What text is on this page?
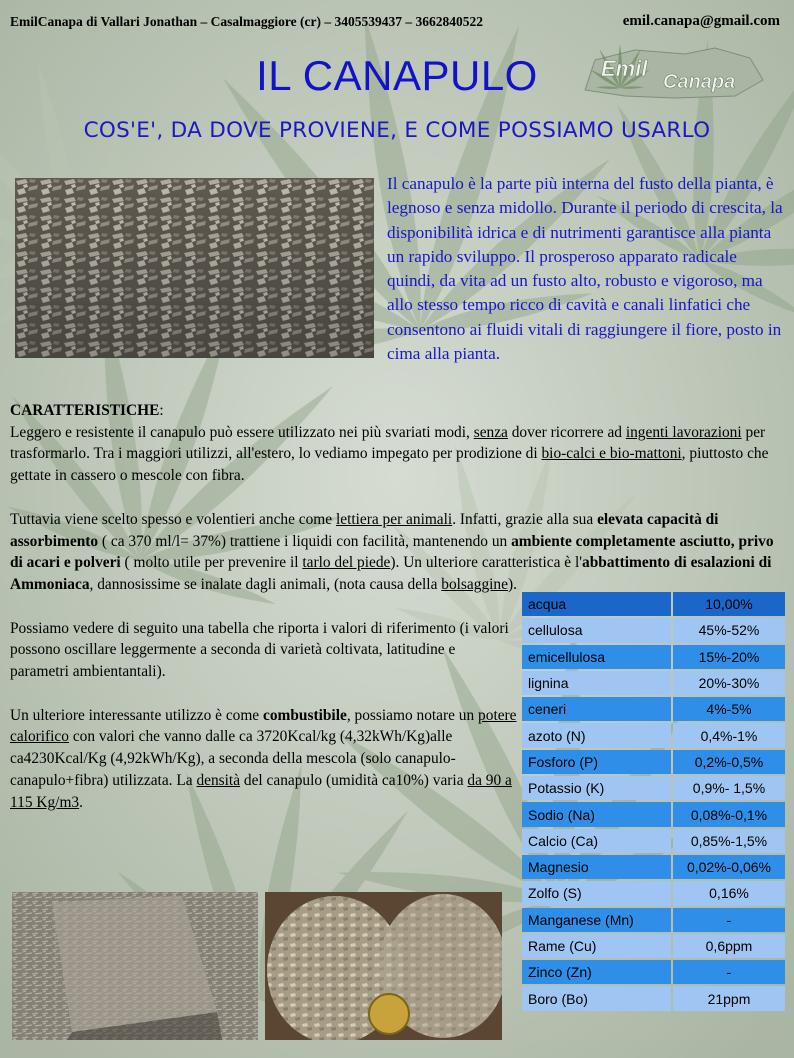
EmilCanapa di Vallari Jonathan – Casalmaggiore (cr) – 3405539437 – 3662840522	emil.canapa@gmail.com
Emil
Canapa
IL CANAPULO
COS'E', DA DOVE PROVIENE, E COME POSSIAMO USARLO
Il canapulo è la parte più interna del fusto della pianta, è legnoso e senza midollo. Durante il periodo di crescita, la disponibilità idrica e di nutrimenti garantisce alla pianta un rapido sviluppo. Il prosperoso apparato radicale quindi, da vita ad un fusto alto, robusto e vigoroso, ma allo stesso tempo ricco di cavità e canali linfatici che consentono ai fluidi vitali di raggiungere il fiore, posto in cima alla pianta.

CARATTERISTICHE:
Leggero e resistente il canapulo può essere utilizzato nei più svariati modi, senza dover ricorrere ad ingenti lavorazioni per trasformarlo. Tra i maggiori utilizzi, all'estero, lo vediamo impegato per prodizione di bio-calci e bio-mattoni, piuttosto che gettate in cassero o mescole con fibra.

Tuttavia viene scelto spesso e volentieri anche come lettiera per animali. Infatti, grazie alla sua elevata capacità di assorbimento ( ca 370 ml/l= 37%) trattiene i liquidi con facilità, mantenendo un ambiente completamente asciutto, privo di acari e polveri ( molto utile per prevenire il tarlo del piede). Un ulteriore caratteristica è l'abbattimento di esalazioni di Ammoniaca, dannosissime se inalate dagli animali, (nota causa della bolsaggine).

Possiamo vedere di seguito una tabella che riporta i valori di riferimento (i valori possono oscillare leggermente a seconda di varietà coltivata, latitudine e parametri ambientantali).

Un ulteriore interessante utilizzo è come combustibile, possiamo notare un potere calorifico con valori che vanno dalle ca 3720Kcal/kg (4,32kWh/Kg)alle ca4230Kcal/Kg (4,92kWh/Kg), a seconda della mescola (solo canapulo-canapulo+fibra) utilizzata. La densità del canapulo (umidità ca10%) varia da 90 a 115 Kg/m3.

acqua	10,00%
cellulosa	45%-52%
emicellulosa	15%-20%
lignina	20%-30%
ceneri	4%-5%
azoto (N)	0,4%-1%
Fosforo (P)	0,2%-0,5%
Potassio (K)	0,9%- 1,5%
Sodio (Na)	0,08%-0,1%
Calcio (Ca)	0,85%-1,5%
Magnesio	0,02%-0,06%
Zolfo (S)	0,16%
Manganese (Mn)	-
Rame (Cu)	0,6ppm
Zinco (Zn)	-
Boro (Bo)	21ppm
